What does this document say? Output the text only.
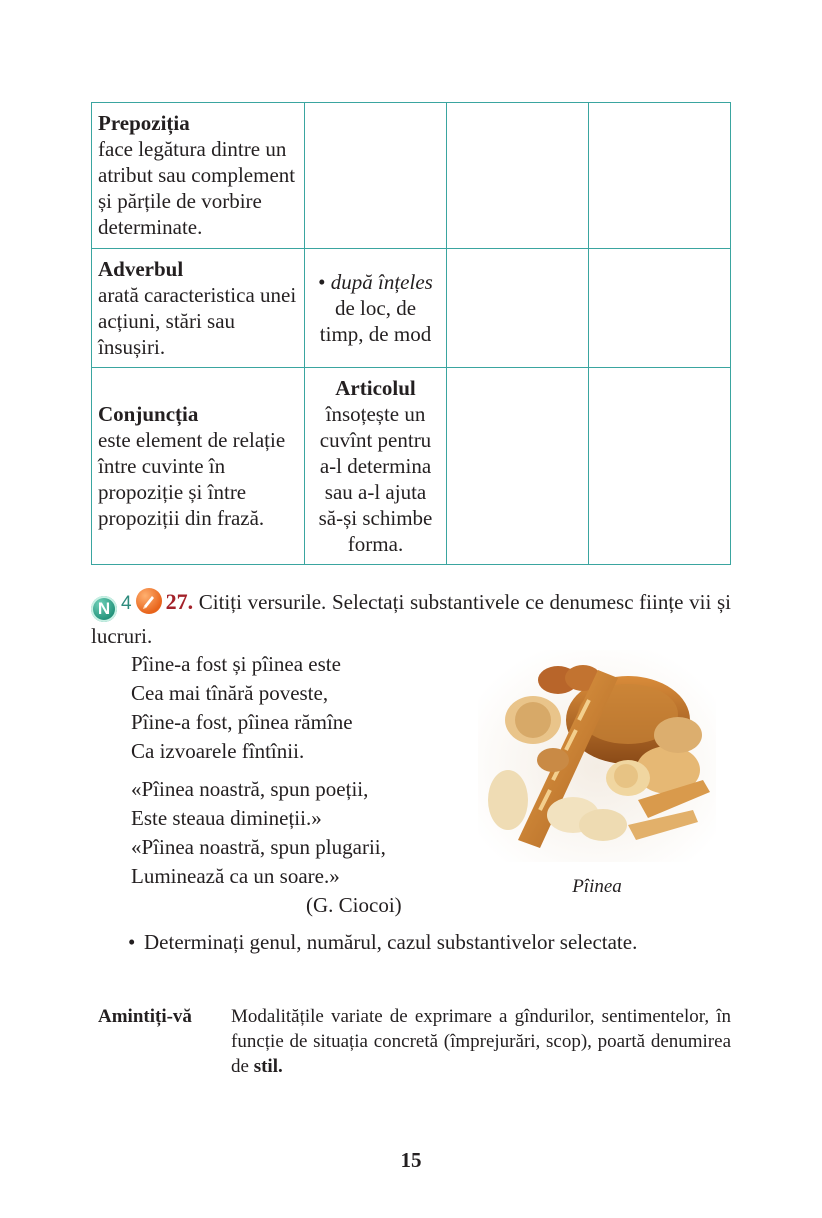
Prepoziția
face legătura dintre un atribut sau complement și părțile de vorbire determinate.			

Adverbul
arată caracteristica unei acțiuni, stări sau însușiri.	• după înțeles de loc, de timp, de mod		

Conjuncția
este element de relație între cuvinte în propoziție și între propoziții din frază.	Articolul
însoțește un cuvînt pentru a-l determina sau a-l ajuta să-și schimbe forma.		
N 4 27. Citiți versurile. Selectați substantivele ce denumesc ființe vii și lucruri.
Pîine-a fost și pîinea este
Cea mai tînără poveste,
Pîine-a fost, pîinea rămîne
Ca izvoarele fîntînii.
«Pîinea noastră, spun poeții,
Este steaua dimineții.»
«Pîinea noastră, spun plugarii,
Luminează ca un soare.»
(G. Ciocoi)
Pîinea
• Determinați genul, numărul, cazul substantivelor selectate.
Amintiți-vă Modalitățile variate de exprimare a gîndurilor, sentimentelor, în funcție de situația concretă (împrejurări, scop), poartă denumirea de stil.
15
